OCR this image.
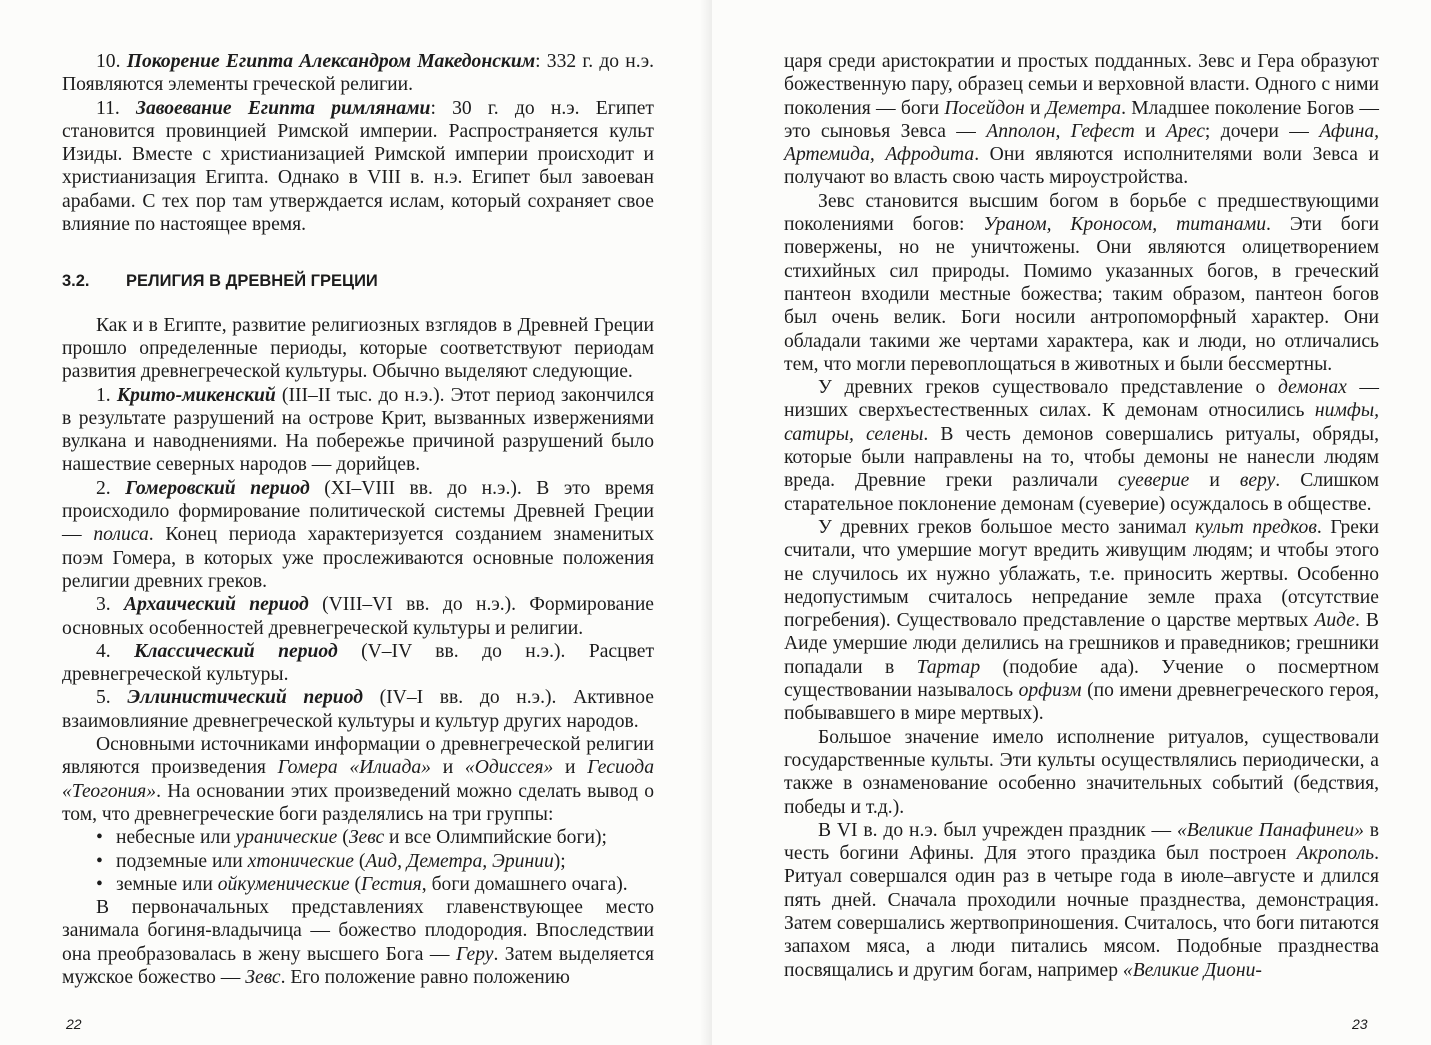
10. Покорение Египта Александром Македонским: 332 г. до н.э. Появляются элементы греческой религии.

11. Завоевание Египта римлянами: 30 г. до н.э. Египет становится провинцией Римской империи. Распространяется культ Изиды. Вместе с христианизацией Римской империи происходит и христианизация Египта. Однако в VIII в. н.э. Египет был завоеван арабами. С тех пор там утверждается ислам, который сохраняет свое влияние по настоящее время.

3.2.	РЕЛИГИЯ В ДРЕВНЕЙ ГРЕЦИИ

Как и в Египте, развитие религиозных взглядов в Древней Греции прошло определенные периоды, которые соответствуют периодам развития древнегреческой культуры. Обычно выделяют следующие.

1. Крито-микенский (III–II тыс. до н.э.). Этот период закончился в результате разрушений на острове Крит, вызванных извержениями вулкана и наводнениями. На побережье причиной разрушений было нашествие северных народов — дорийцев.

2. Гомеровский период (XI–VIII вв. до н.э.). В это время происходило формирование политической системы Древней Греции — полиса. Конец периода характеризуется созданием знаменитых поэм Гомера, в которых уже прослеживаются основные положения религии древних греков.

3. Архаический период (VIII–VI вв. до н.э.). Формирование основных особенностей древнегреческой культуры и религии.

4. Классический период (V–IV вв. до н.э.). Расцвет древнегреческой культуры.

5. Эллинистический период (IV–I вв. до н.э.). Активное взаимовлияние древнегреческой культуры и культур других народов.

Основными источниками информации о древнегреческой религии являются произведения Гомера «Илиада» и «Одиссея» и Гесиода «Теогония». На основании этих произведений можно сделать вывод о том, что древнегреческие боги разделялись на три группы:

• небесные или уранические (Зевс и все Олимпийские боги);
• подземные или хтонические (Аид, Деметра, Эринии);
• земные или ойкуменические (Гестия, боги домашнего очага).

В первоначальных представлениях главенствующее место занимала богиня-владычица — божество плодородия. Впоследствии она преобразовалась в жену высшего Бога — Геру. Затем выделяется мужское божество — Зевс. Его положение равно положению

22

царя среди аристократии и простых подданных. Зевс и Гера образуют божественную пару, образец семьи и верховной власти. Одного с ними поколения — боги Посейдон и Деметра. Младшее поколение Богов — это сыновья Зевса — Апполон, Гефест и Арес; дочери — Афина, Артемида, Афродита. Они являются исполнителями воли Зевса и получают во власть свою часть мироустройства.

Зевс становится высшим богом в борьбе с предшествующими поколениями богов: Ураном, Кроносом, титанами. Эти боги повержены, но не уничтожены. Они являются олицетворением стихийных сил природы. Помимо указанных богов, в греческий пантеон входили местные божества; таким образом, пантеон богов был очень велик. Боги носили антропоморфный характер. Они обладали такими же чертами характера, как и люди, но отличались тем, что могли перевоплощаться в животных и были бессмертны.

У древних греков существовало представление о демонах — низших сверхъестественных силах. К демонам относились нимфы, сатиры, селены. В честь демонов совершались ритуалы, обряды, которые были направлены на то, чтобы демоны не нанесли людям вреда. Древние греки различали суеверие и веру. Слишком старательное поклонение демонам (суеверие) осуждалось в обществе.

У древних греков большое место занимал культ предков. Греки считали, что умершие могут вредить живущим людям; и чтобы этого не случилось их нужно ублажать, т.е. приносить жертвы. Особенно недопустимым считалось непредание земле праха (отсутствие погребения). Существовало представление о царстве мертвых Аиде. В Аиде умершие люди делились на грешников и праведников; грешники попадали в Тартар (подобие ада). Учение о посмертном существовании называлось орфизм (по имени древнегреческого героя, побывавшего в мире мертвых).

Большое значение имело исполнение ритуалов, существовали государственные культы. Эти культы осуществлялись периодически, а также в ознаменование особенно значительных событий (бедствия, победы и т.д.).

В VI в. до н.э. был учрежден праздник — «Великие Панафинеи» в честь богини Афины. Для этого праздика был построен Акрополь. Ритуал совершался один раз в четыре года в июле–августе и длился пять дней. Сначала проходили ночные празднества, демонстрация. Затем совершались жертвоприношения. Считалось, что боги питаются запахом мяса, а люди питались мясом. Подобные празднества посвящались и другим богам, например «Великие Диони-

23
